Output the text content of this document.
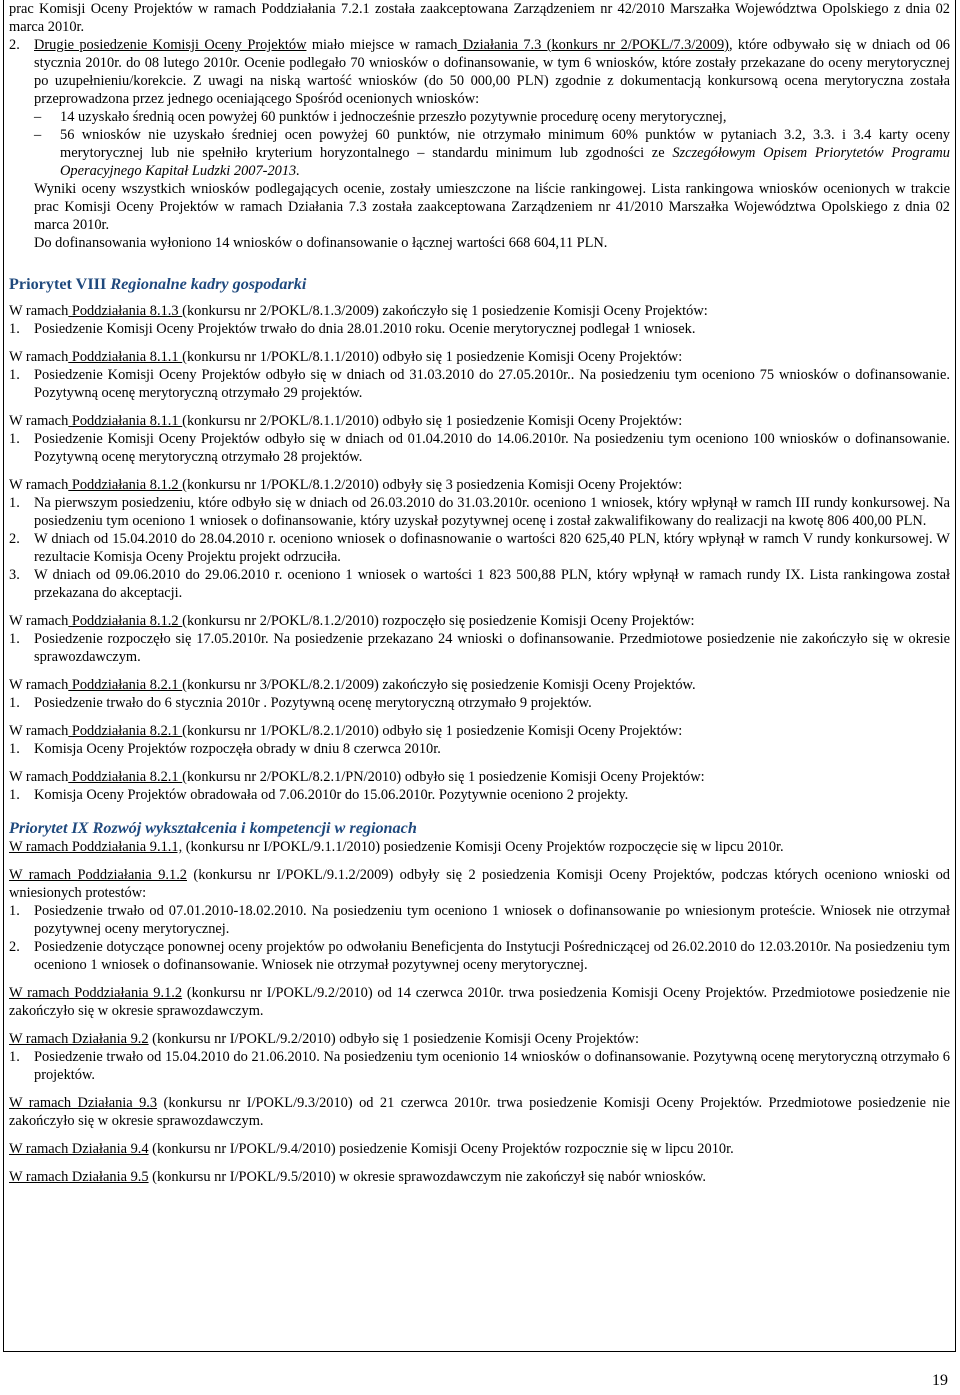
prac Komisji Oceny Projektów w ramach Poddziałania 7.2.1 została zaakceptowana Zarządzeniem nr 42/2010 Marszałka Województwa Opolskiego z dnia 02 marca 2010r.

2. Drugie posiedzenie Komisji Oceny Projektów miało miejsce w ramach Działania 7.3 (konkurs nr 2/POKL/7.3/2009), które odbywało się w dniach od 06 stycznia 2010r. do 08 lutego 2010r. Ocenie podlegało 70 wniosków o dofinansowanie, w tym 6 wniosków, które zostały przekazane do oceny merytorycznej po uzupełnieniu/korekcie. Z uwagi na niską wartość wniosków (do 50 000,00 PLN) zgodnie z dokumentacją konkursową ocena merytoryczna została przeprowadzona przez jednego oceniającego Spośród ocenionych wniosków:
–	14 uzyskało średnią ocen powyżej 60 punktów i jednocześnie przeszło pozytywnie procedurę oceny merytorycznej,
–	56 wniosków nie uzyskało średniej ocen powyżej 60 punktów, nie otrzymało minimum 60% punktów w pytaniach 3.2, 3.3. i 3.4 karty oceny merytorycznej lub nie spełniło kryterium horyzontalnego – standardu minimum lub zgodności ze Szczegółowym Opisem Priorytetów Programu Operacyjnego Kapitał Ludzki 2007-2013.

Wyniki oceny wszystkich wniosków podlegających ocenie, zostały umieszczone na liście rankingowej. Lista rankingowa wniosków ocenionych w trakcie prac Komisji Oceny Projektów w ramach Działania 7.3 została zaakceptowana Zarządzeniem nr 41/2010 Marszałka Województwa Opolskiego z dnia 02 marca 2010r.

Do dofinansowania wyłoniono 14 wniosków o dofinansowanie o łącznej wartości 668 604,11 PLN.

Priorytet VIII Regionalne kadry gospodarki

W ramach Poddziałania 8.1.3 (konkursu nr 2/POKL/8.1.3/2009) zakończyło się 1 posiedzenie Komisji Oceny Projektów:

1. Posiedzenie Komisji Oceny Projektów trwało do dnia 28.01.2010 roku. Ocenie merytorycznej podlegał 1 wniosek.

W ramach Poddziałania 8.1.1 (konkursu nr 1/POKL/8.1.1/2010) odbyło się 1 posiedzenie Komisji Oceny Projektów:

1. Posiedzenie Komisji Oceny Projektów odbyło się w dniach od 31.03.2010 do 27.05.2010r.. Na posiedzeniu tym oceniono 75 wniosków o dofinansowanie. Pozytywną ocenę merytoryczną otrzymało 29 projektów.

W ramach Poddziałania 8.1.1 (konkursu nr 2/POKL/8.1.1/2010) odbyło się 1 posiedzenie Komisji Oceny Projektów:

1. Posiedzenie Komisji Oceny Projektów odbyło się w dniach od 01.04.2010 do 14.06.2010r. Na posiedzeniu tym oceniono 100 wniosków o dofinansowanie. Pozytywną ocenę merytoryczną otrzymało 28 projektów.

W ramach Poddziałania 8.1.2 (konkursu nr 1/POKL/8.1.2/2010) odbyły się 3 posiedzenia Komisji Oceny Projektów:

1. Na pierwszym posiedzeniu, które odbyło się w dniach od 26.03.2010 do 31.03.2010r. oceniono 1 wniosek, który wpłynął w ramch III rundy konkursowej. Na posiedzeniu tym oceniono 1 wniosek o dofinansowanie, który uzyskał pozytywnej ocenę i został zakwalifikowany do realizacji na kwotę 806 400,00 PLN.
2. W dniach od 15.04.2010 do 28.04.2010 r. oceniono wniosek o dofinasnowanie o wartości 820 625,40 PLN, który wpłynął w ramch V rundy konkursowej. W rezultacie Komisja Oceny Projektu projekt odrzuciła.
3. W dniach od 09.06.2010 do 29.06.2010 r. oceniono 1 wniosek o wartości 1 823 500,88 PLN, który wpłynął w ramach rundy IX. Lista rankingowa został przekazana do akceptacji.

W ramach Poddziałania 8.1.2 (konkursu nr 2/POKL/8.1.2/2010) rozpoczęło się posiedzenie Komisji Oceny Projektów:

1. Posiedzenie rozpoczęło się 17.05.2010r. Na posiedzenie przekazano 24 wnioski o dofinansowanie. Przedmiotowe posiedzenie nie zakończyło się w okresie sprawozdawczym.

W ramach Poddziałania 8.2.1 (konkursu nr 3/POKL/8.2.1/2009) zakończyło się posiedzenie Komisji Oceny Projektów.

1. Posiedzenie trwało do 6 stycznia 2010r . Pozytywną ocenę merytoryczną otrzymało 9 projektów.

W ramach Poddziałania 8.2.1 (konkursu nr 1/POKL/8.2.1/2010) odbyło się 1 posiedzenie Komisji Oceny Projektów:

1. Komisja Oceny Projektów rozpoczęła obrady w dniu 8 czerwca 2010r.

W ramach Poddziałania 8.2.1 (konkursu nr 2/POKL/8.2.1/PN/2010) odbyło się 1 posiedzenie Komisji Oceny Projektów:

1. Komisja Oceny Projektów obradowała od 7.06.2010r do 15.06.2010r. Pozytywnie oceniono 2 projekty.
Priorytet IX Rozwój wykształcenia i kompetencji w regionach

W ramach Poddziałania 9.1.1, (konkursu nr I/POKL/9.1.1/2010) posiedzenie Komisji Oceny Projektów rozpoczęcie się w lipcu 2010r.

W ramach Poddziałania 9.1.2 (konkursu nr I/POKL/9.1.2/2009) odbyły się 2 posiedzenia Komisji Oceny Projektów, podczas których oceniono wnioski od wniesionych protestów:

1. Posiedzenie trwało od 07.01.2010-18.02.2010. Na posiedzeniu tym oceniono 1 wniosek o dofinansowanie po wniesionym proteście. Wniosek nie otrzymał pozytywnej oceny merytorycznej.
2. Posiedzenie dotyczące ponownej oceny projektów po odwołaniu Beneficjenta do Instytucji Pośredniczącej od 26.02.2010 do 12.03.2010r. Na posiedzeniu tym oceniono 1 wniosek o dofinansowanie. Wniosek nie otrzymał pozytywnej oceny merytorycznej.

W ramach Poddziałania 9.1.2 (konkursu nr I/POKL/9.2/2010) od 14 czerwca 2010r. trwa posiedzenia Komisji Oceny Projektów. Przedmiotowe posiedzenie nie zakończyło się w okresie sprawozdawczym.

W ramach Działania 9.2 (konkursu nr I/POKL/9.2/2010) odbyło się 1 posiedzenie Komisji Oceny Projektów:

1. Posiedzenie trwało od 15.04.2010 do 21.06.2010. Na posiedzeniu tym ocenionio 14 wniosków o dofinansowanie. Pozytywną ocenę merytoryczną otrzymało 6 projektów.

W ramach Działania 9.3 (konkursu nr I/POKL/9.3/2010) od 21 czerwca 2010r. trwa posiedzenie Komisji Oceny Projektów. Przedmiotowe posiedzenie nie zakończyło się w okresie sprawozdawczym.

W ramach Działania 9.4 (konkursu nr I/POKL/9.4/2010) posiedzenie Komisji Oceny Projektów rozpocznie się w lipcu 2010r.

W ramach Działania 9.5 (konkursu nr I/POKL/9.5/2010) w okresie sprawozdawczym nie zakończył się nabór wniosków.

19
